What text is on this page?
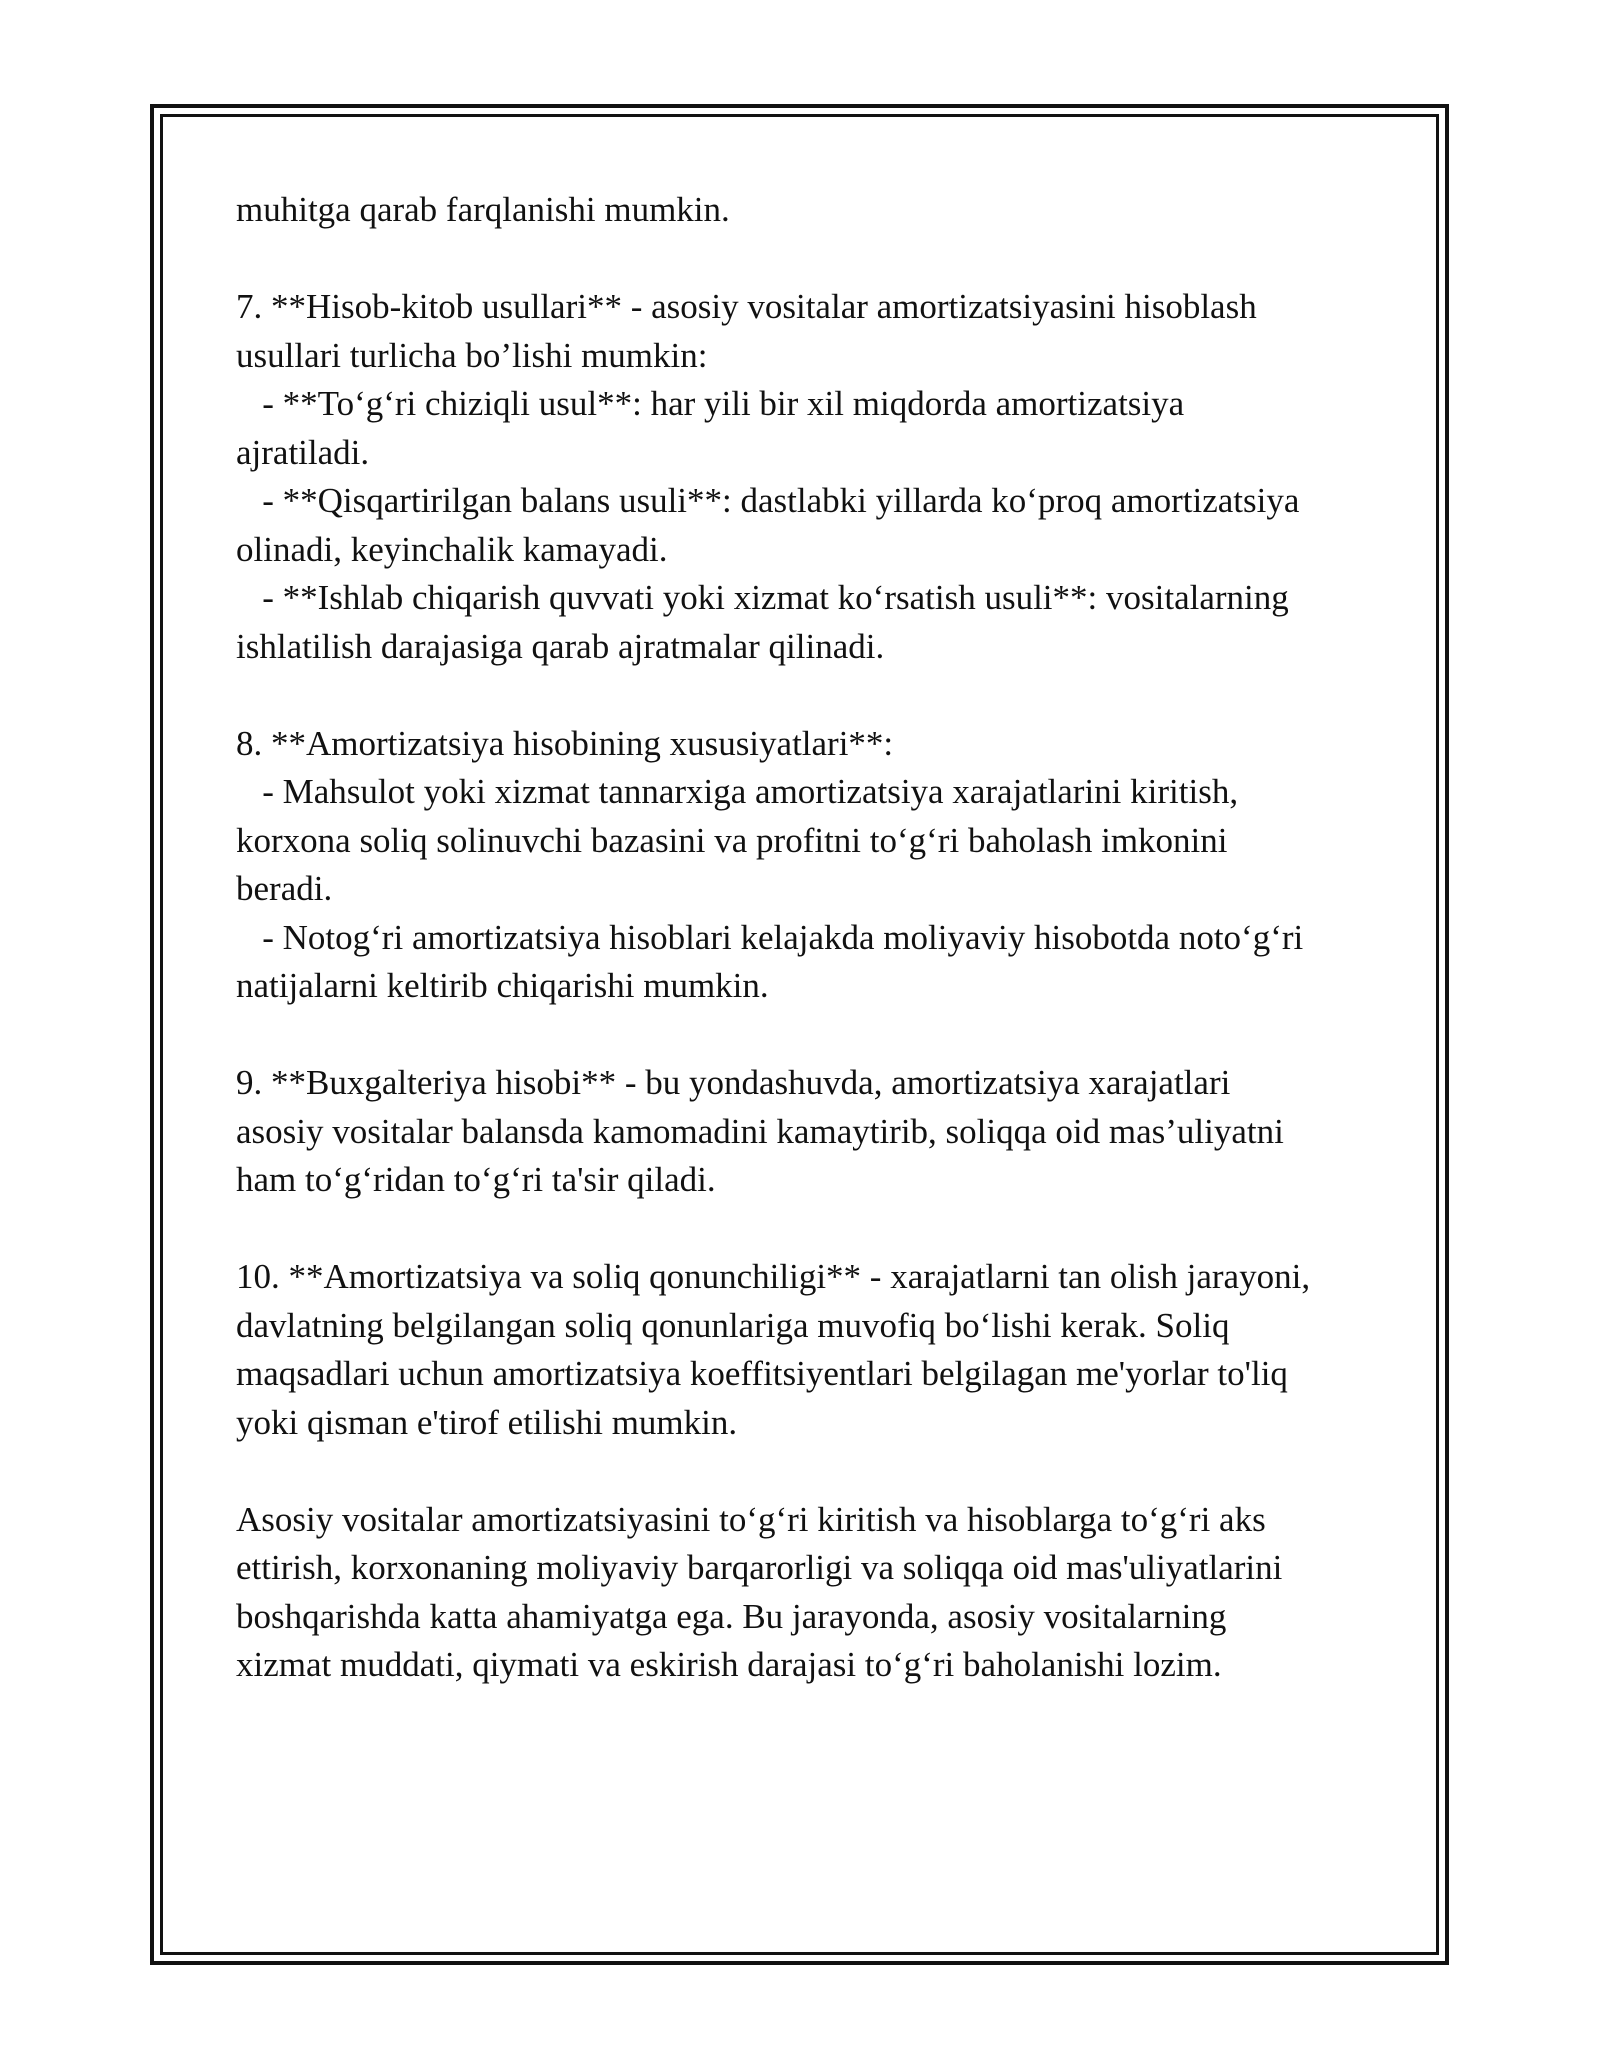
muhitga qarab farqlanishi mumkin.

7. **Hisob-kitob usullari** - asosiy vositalar amortizatsiyasini hisoblash

usullari turlicha bo’lishi mumkin:

- **To‘g‘ri chiziqli usul**: har yili bir xil miqdorda amortizatsiya

ajratiladi.

- **Qisqartirilgan balans usuli**: dastlabki yillarda ko‘proq amortizatsiya

olinadi, keyinchalik kamayadi.

- **Ishlab chiqarish quvvati yoki xizmat ko‘rsatish usuli**: vositalarning

ishlatilish darajasiga qarab ajratmalar qilinadi.

8. **Amortizatsiya hisobining xususiyatlari**:

- Mahsulot yoki xizmat tannarxiga amortizatsiya xarajatlarini kiritish,

korxona soliq solinuvchi bazasini va profitni to‘g‘ri baholash imkonini

beradi.

- Notog‘ri amortizatsiya hisoblari kelajakda moliyaviy hisobotda noto‘g‘ri

natijalarni keltirib chiqarishi mumkin.

9. **Buxgalteriya hisobi** - bu yondashuvda, amortizatsiya xarajatlari

asosiy vositalar balansda kamomadini kamaytirib, soliqqa oid mas’uliyatni

ham to‘g‘ridan to‘g‘ri ta'sir qiladi.

10. **Amortizatsiya va soliq qonunchiligi** - xarajatlarni tan olish jarayoni,

davlatning belgilangan soliq qonunlariga muvofiq bo‘lishi kerak. Soliq

maqsadlari uchun amortizatsiya koeffitsiyentlari belgilagan me'yorlar to'liq

yoki qisman e'tirof etilishi mumkin.

Asosiy vositalar amortizatsiyasini to‘g‘ri kiritish va hisoblarga to‘g‘ri aks

ettirish, korxonaning moliyaviy barqarorligi va soliqqa oid mas'uliyatlarini

boshqarishda katta ahamiyatga ega. Bu jarayonda, asosiy vositalarning

xizmat muddati, qiymati va eskirish darajasi to‘g‘ri baholanishi lozim.
